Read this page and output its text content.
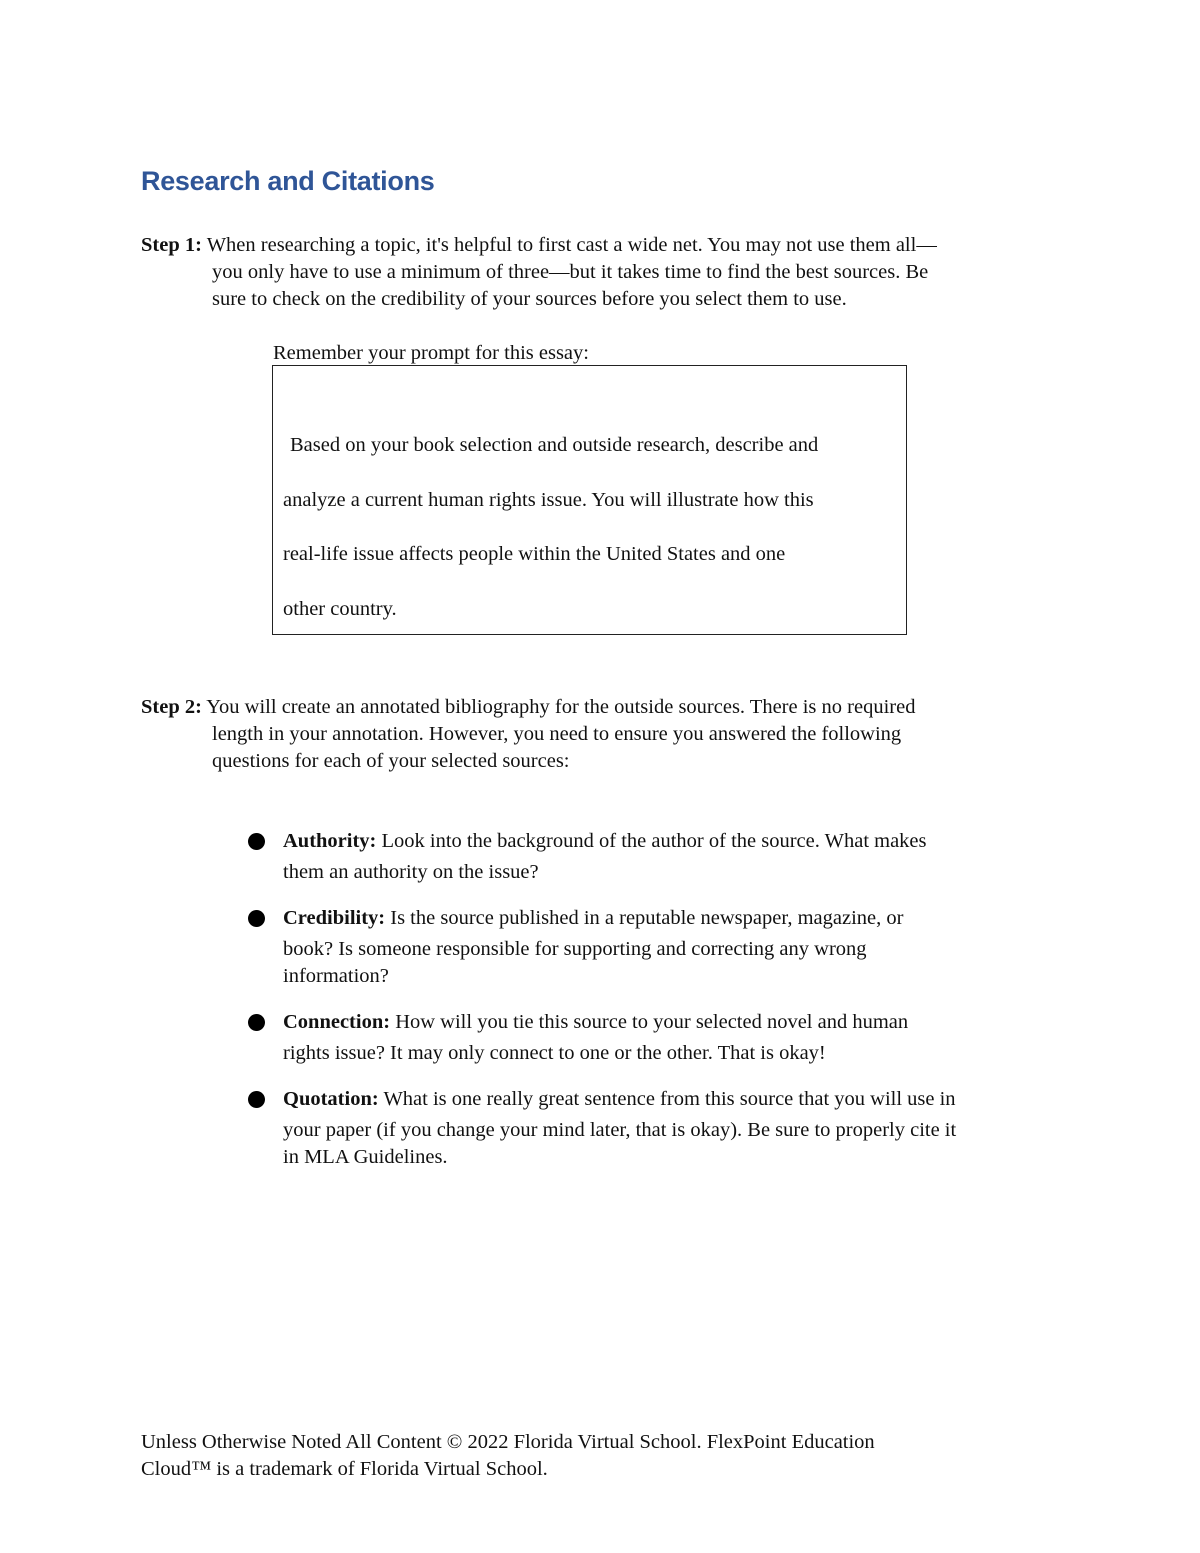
Research and Citations
Step 1: When researching a topic, it's helpful to first cast a wide net. You may not use them all—
you only have to use a minimum of three—but it takes time to find the best sources. Be
sure to check on the credibility of your sources before you select them to use.
Remember your prompt for this essay:
Based on your book selection and outside research, describe and
analyze a current human rights issue. You will illustrate how this
real-life issue affects people within the United States and one
other country.
Step 2: You will create an annotated bibliography for the outside sources. There is no required
length in your annotation. However, you need to ensure you answered the following
questions for each of your selected sources:
Authority: Look into the background of the author of the source. What makes
them an authority on the issue?
Credibility: Is the source published in a reputable newspaper, magazine, or
book? Is someone responsible for supporting and correcting any wrong
information?
Connection: How will you tie this source to your selected novel and human
rights issue? It may only connect to one or the other. That is okay!
Quotation: What is one really great sentence from this source that you will use in
your paper (if you change your mind later, that is okay). Be sure to properly cite it
in MLA Guidelines.
Unless Otherwise Noted All Content © 2022 Florida Virtual School. FlexPoint Education
Cloud™ is a trademark of Florida Virtual School.
